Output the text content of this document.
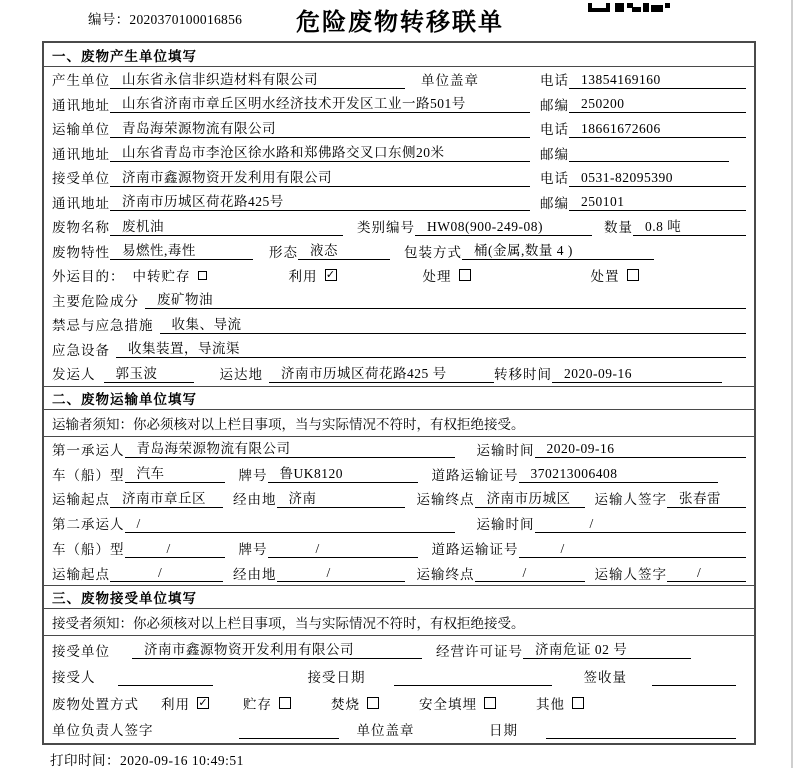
编号：2020370100016856	危险废物转移联单
一、废物产生单位填写
产生单位 山东省永信非织造材料有限公司	单位盖章	电话 13854169160
通讯地址 山东省济南市章丘区明水经济技术开发区工业一路501号	邮编 250200
运输单位 青岛海荣源物流有限公司	电话 18661672606
通讯地址 山东省青岛市李沧区徐水路和郑佛路交叉口东侧20米	邮编
接受单位 济南市鑫源物资开发利用有限公司	电话 0531-82095390
通讯地址 济南市历城区荷花路425号	邮编 250101
废物名称 废机油	类别编号 HW08(900-249-08)	数量 0.8 吨
废物特性 易燃性,毒性	形态 液态	包装方式 桶(金属,数量 4 )
外运目的： 中转贮存	利用 ✓	处理	处置
主要危险成分	废矿物油
禁忌与应急措施	收集、导流
应急设备	收集装置，导流渠
发运人	郭玉波	运达地	济南市历城区荷花路425 号	转移时间 2020-09-16
二、废物运输单位填写
运输者须知：你必须核对以上栏目事项，当与实际情况不符时，有权拒绝接受。
第一承运人 青岛海荣源物流有限公司	运输时间 2020-09-16
车（船）型 汽车	牌号 鲁UK8120	道路运输证号 370213006408
运输起点 济南市章丘区	经由地 济南	运输终点 济南市历城区	运输人签字 张春雷
第二承运人 /	运输时间	/
车（船）型	/	牌号	/	道路运输证号	/
运输起点	/	经由地	/	运输终点	/	运输人签字	/
三、废物接受单位填写
接受者须知：你必须核对以上栏目事项，当与实际情况不符时，有权拒绝接受。
接受单位	济南市鑫源物资开发利用有限公司	经营许可证号 济南危证 02 号
接受人	接受日期	签收量
废物处置方式 利用 ✓	贮存	焚烧	安全填埋	其他
单位负责人签字	单位盖章	日期
打印时间：2020-09-16 10:49:51
